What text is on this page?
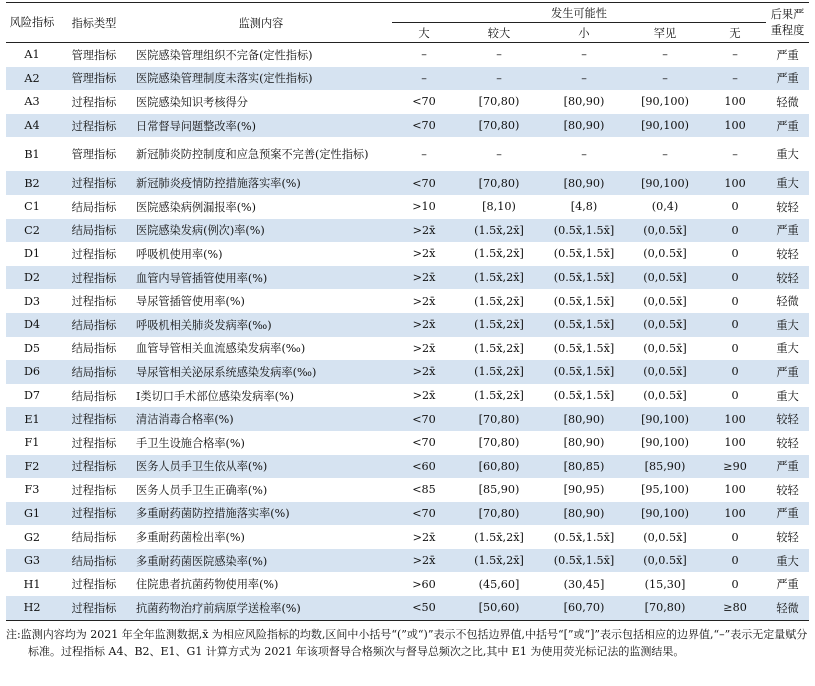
风险指标	指标类型	监测内容	发生可能性					后果严重程度
			大	较大	小	罕见	无	
A1	管理指标	医院感染管理组织不完备(定性指标)	–	–	–	–	–	严重
A2	管理指标	医院感染管理制度未落实(定性指标)	–	–	–	–	–	严重
A3	过程指标	医院感染知识考核得分	<70	[70,80)	[80,90)	[90,100)	100	轻微
A4	过程指标	日常督导问题整改率(%)	<70	[70,80)	[80,90)	[90,100)	100	严重
B1	管理指标	新冠肺炎防控制度和应急预案不完善(定性指标)	–	–	–	–	–	重大
B2	过程指标	新冠肺炎疫情防控措施落实率(%)	<70	[70,80)	[80,90)	[90,100)	100	重大
C1	结局指标	医院感染病例漏报率(%)	>10	[8,10)	[4,8)	(0,4)	0	较轻
C2	结局指标	医院感染发病(例次)率(%)	>2x̄	(1.5x̄,2x̄]	(0.5x̄,1.5x̄]	(0,0.5x̄]	0	严重
D1	过程指标	呼吸机使用率(%)	>2x̄	(1.5x̄,2x̄]	(0.5x̄,1.5x̄]	(0,0.5x̄]	0	较轻
D2	过程指标	血管内导管插管使用率(%)	>2x̄	(1.5x̄,2x̄]	(0.5x̄,1.5x̄]	(0,0.5x̄]	0	较轻
D3	过程指标	导尿管插管使用率(%)	>2x̄	(1.5x̄,2x̄]	(0.5x̄,1.5x̄]	(0,0.5x̄]	0	轻微
D4	结局指标	呼吸机相关肺炎发病率(‰)	>2x̄	(1.5x̄,2x̄]	(0.5x̄,1.5x̄]	(0,0.5x̄]	0	重大
D5	结局指标	血管导管相关血流感染发病率(‰)	>2x̄	(1.5x̄,2x̄]	(0.5x̄,1.5x̄]	(0,0.5x̄]	0	重大
D6	结局指标	导尿管相关泌尿系统感染发病率(‰)	>2x̄	(1.5x̄,2x̄]	(0.5x̄,1.5x̄]	(0,0.5x̄]	0	严重
D7	结局指标	Ⅰ类切口手术部位感染发病率(%)	>2x̄	(1.5x̄,2x̄]	(0.5x̄,1.5x̄]	(0,0.5x̄]	0	重大
E1	过程指标	清洁消毒合格率(%)	<70	[70,80)	[80,90)	[90,100)	100	较轻
F1	过程指标	手卫生设施合格率(%)	<70	[70,80)	[80,90)	[90,100)	100	较轻
F2	过程指标	医务人员手卫生依从率(%)	<60	[60,80)	[80,85)	[85,90)	≥90	严重
F3	过程指标	医务人员手卫生正确率(%)	<85	[85,90)	[90,95)	[95,100)	100	较轻
G1	过程指标	多重耐药菌防控措施落实率(%)	<70	[70,80)	[80,90)	[90,100)	100	严重
G2	结局指标	多重耐药菌检出率(%)	>2x̄	(1.5x̄,2x̄]	(0.5x̄,1.5x̄]	(0,0.5x̄]	0	较轻
G3	结局指标	多重耐药菌医院感染率(%)	>2x̄	(1.5x̄,2x̄]	(0.5x̄,1.5x̄]	(0,0.5x̄]	0	重大
H1	过程指标	住院患者抗菌药物使用率(%)	>60	(45,60]	(30,45]	(15,30]	0	严重
H2	过程指标	抗菌药物治疗前病原学送检率(%)	<50	[50,60)	[60,70)	[70,80)	≥80	轻微
注:监测内容均为 2021 年全年监测数据,x̄ 为相应风险指标的均数,区间中小括号“(”或“)”表示不包括边界值,中括号“[”或“]”表示包括相应的边界值,“–”表示无定量赋分标准。过程指标 A4、B2、E1、G1 计算方式为 2021 年该项督导合格频次与督导总频次之比,其中 E1 为使用荧光标记法的监测结果。
